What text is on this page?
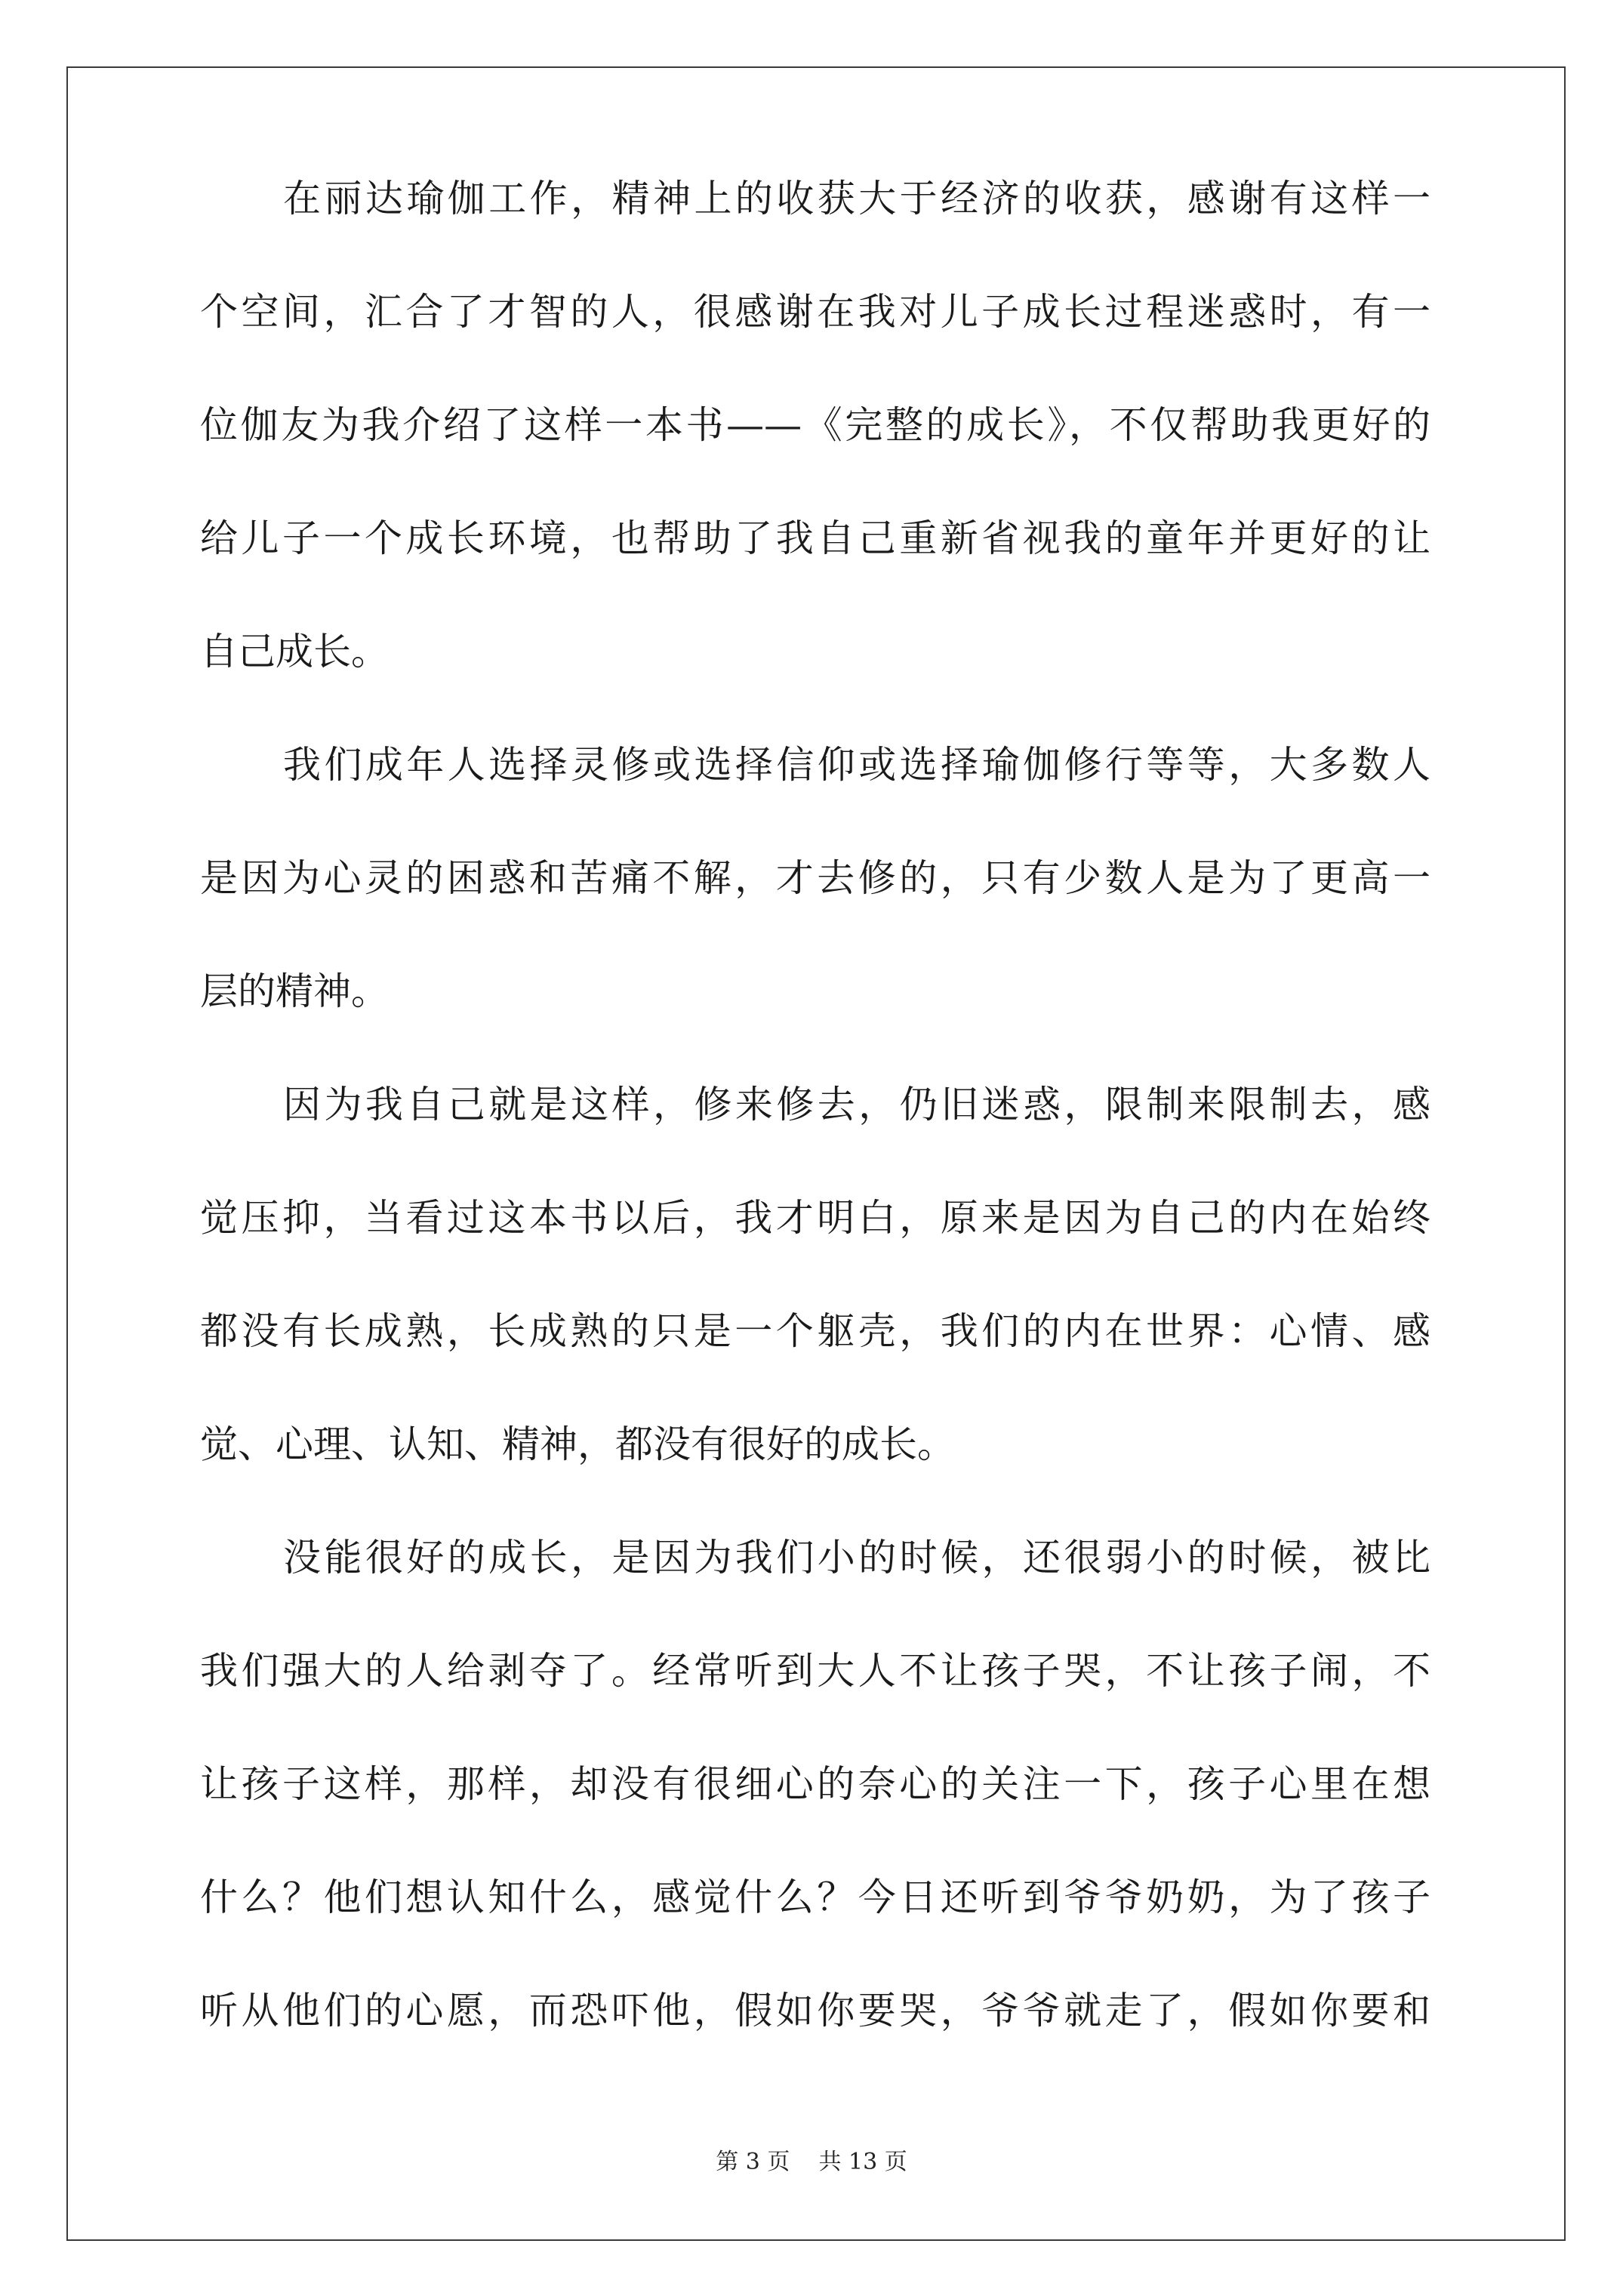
在丽达瑜伽工作，精神上的收获大于经济的收获，感谢有这样一
个空间，汇合了才智的人，很感谢在我对儿子成长过程迷惑时，有一
位伽友为我介绍了这样一本书——《完整的成长》，不仅帮助我更好的
给儿子一个成长环境，也帮助了我自己重新省视我的童年并更好的让
自己成长。
我们成年人选择灵修或选择信仰或选择瑜伽修行等等，大多数人
是因为心灵的困惑和苦痛不解，才去修的，只有少数人是为了更高一
层的精神。
因为我自己就是这样，修来修去，仍旧迷惑，限制来限制去，感
觉压抑，当看过这本书以后，我才明白，原来是因为自己的内在始终
都没有长成熟，长成熟的只是一个躯壳，我们的内在世界：心情、感
觉、心理、认知、精神，都没有很好的成长。
没能很好的成长，是因为我们小的时候，还很弱小的时候，被比
我们强大的人给剥夺了。经常听到大人不让孩子哭，不让孩子闹，不
让孩子这样，那样，却没有很细心的奈心的关注一下，孩子心里在想
什么？他们想认知什么，感觉什么？今日还听到爷爷奶奶，为了孩子
听从他们的心愿，而恐吓他，假如你要哭，爷爷就走了，假如你要和
第 3 页    共 13 页
